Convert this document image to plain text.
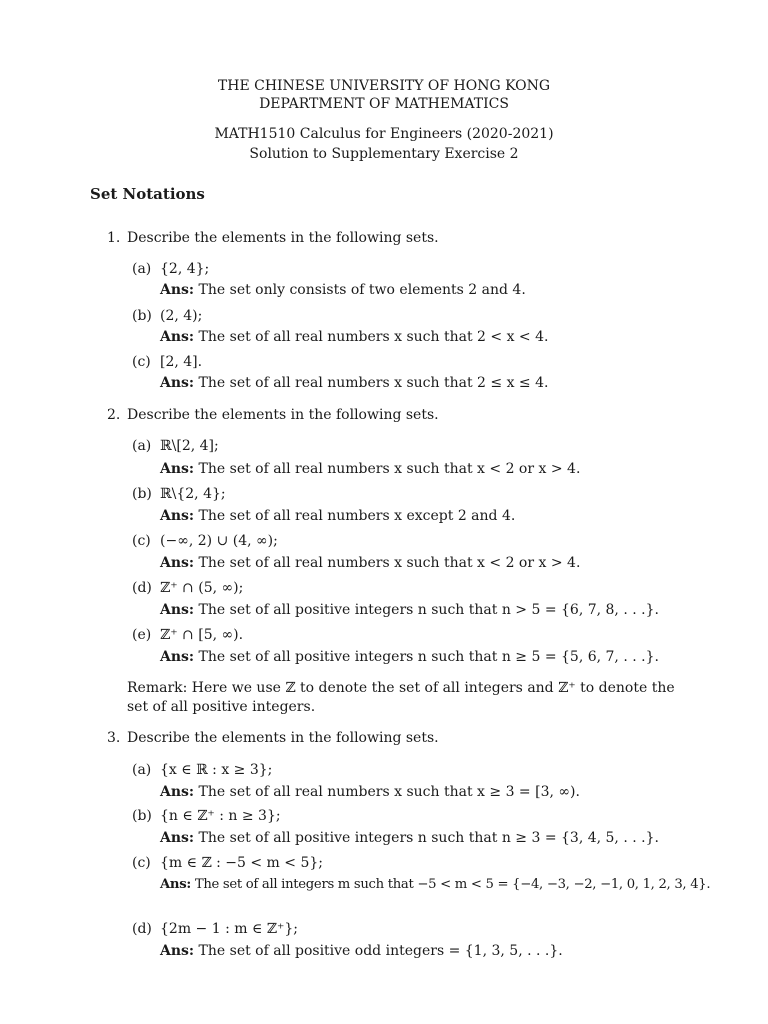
THE CHINESE UNIVERSITY OF HONG KONG
DEPARTMENT OF MATHEMATICS
MATH1510 Calculus for Engineers (2020-2021)
Solution to Supplementary Exercise 2
Set Notations
1. Describe the elements in the following sets.
(a) {2, 4};
Ans: The set only consists of two elements 2 and 4.
(b) (2, 4);
Ans: The set of all real numbers x such that 2 < x < 4.
(c) [2, 4].
Ans: The set of all real numbers x such that 2 ≤ x ≤ 4.
2. Describe the elements in the following sets.
(a) ℝ\[2, 4];
Ans: The set of all real numbers x such that x < 2 or x > 4.
(b) ℝ\{2, 4};
Ans: The set of all real numbers x except 2 and 4.
(c) (−∞, 2) ∪ (4, ∞);
Ans: The set of all real numbers x such that x < 2 or x > 4.
(d) ℤ⁺ ∩ (5, ∞);
Ans: The set of all positive integers n such that n > 5 = {6, 7, 8, . . .}.
(e) ℤ⁺ ∩ [5, ∞).
Ans: The set of all positive integers n such that n ≥ 5 = {5, 6, 7, . . .}.
Remark: Here we use ℤ to denote the set of all integers and ℤ⁺ to denote the set of all positive integers.
3. Describe the elements in the following sets.
(a) {x ∈ ℝ : x ≥ 3};
Ans: The set of all real numbers x such that x ≥ 3 = [3, ∞).
(b) {n ∈ ℤ⁺ : n ≥ 3};
Ans: The set of all positive integers n such that n ≥ 3 = {3, 4, 5, . . .}.
(c) {m ∈ ℤ : −5 < m < 5};
Ans: The set of all integers m such that −5 < m < 5 = {−4, −3, −2, −1, 0, 1, 2, 3, 4}.
(d) {2m − 1 : m ∈ ℤ⁺};
Ans: The set of all positive odd integers = {1, 3, 5, . . .}.
